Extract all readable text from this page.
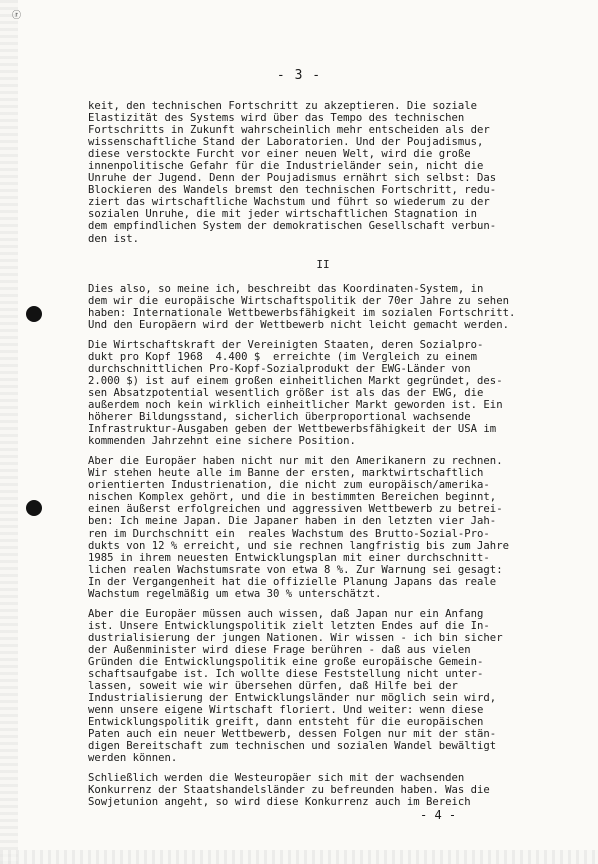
ⓡ
- 3 -
keit, den technischen Fortschritt zu akzeptieren. Die soziale
Elastizität des Systems wird über das Tempo des technischen
Fortschritts in Zukunft wahrscheinlich mehr entscheiden als der
wissenschaftliche Stand der Laboratorien. Und der Poujadismus,
diese verstockte Furcht vor einer neuen Welt, wird die große
innenpolitische Gefahr für die Industrieländer sein, nicht die
Unruhe der Jugend. Denn der Poujadismus ernährt sich selbst: Das
Blockieren des Wandels bremst den technischen Fortschritt, redu-
ziert das wirtschaftliche Wachstum und führt so wiederum zu der
sozialen Unruhe, die mit jeder wirtschaftlichen Stagnation in
dem empfindlichen System der demokratischen Gesellschaft verbun-
den ist.
II
Dies also, so meine ich, beschreibt das Koordinaten-System, in
dem wir die europäische Wirtschaftspolitik der 70er Jahre zu sehen
haben: Internationale Wettbewerbsfähigkeit im sozialen Fortschritt.
Und den Europäern wird der Wettbewerb nicht leicht gemacht werden.
Die Wirtschaftskraft der Vereinigten Staaten, deren Sozialpro-
dukt pro Kopf 1968  4.400 $  erreichte (im Vergleich zu einem
durchschnittlichen Pro-Kopf-Sozialprodukt der EWG-Länder von
2.000 $) ist auf einem großen einheitlichen Markt gegründet, des-
sen Absatzpotential wesentlich größer ist als das der EWG, die
außerdem noch kein wirklich einheitlicher Markt geworden ist. Ein
höherer Bildungsstand, sicherlich überproportional wachsende
Infrastruktur-Ausgaben geben der Wettbewerbsfähigkeit der USA im
kommenden Jahrzehnt eine sichere Position.
Aber die Europäer haben nicht nur mit den Amerikanern zu rechnen.
Wir stehen heute alle im Banne der ersten, marktwirtschaftlich
orientierten Industrienation, die nicht zum europäisch/amerika-
nischen Komplex gehört, und die in bestimmten Bereichen beginnt,
einen äußerst erfolgreichen und aggressiven Wettbewerb zu betrei-
ben: Ich meine Japan. Die Japaner haben in den letzten vier Jah-
ren im Durchschnitt ein  reales Wachstum des Brutto-Sozial-Pro-
dukts von 12 % erreicht, und sie rechnen langfristig bis zum Jahre
1985 in ihrem neuesten Entwicklungsplan mit einer durchschnitt-
lichen realen Wachstumsrate von etwa 8 %. Zur Warnung sei gesagt:
In der Vergangenheit hat die offizielle Planung Japans das reale
Wachstum regelmäßig um etwa 30 % unterschätzt.
Aber die Europäer müssen auch wissen, daß Japan nur ein Anfang
ist. Unsere Entwicklungspolitik zielt letzten Endes auf die In-
dustrialisierung der jungen Nationen. Wir wissen - ich bin sicher
der Außenminister wird diese Frage berühren - daß aus vielen
Gründen die Entwicklungspolitik eine große europäische Gemein-
schaftsaufgabe ist. Ich wollte diese Feststellung nicht unter-
lassen, soweit wie wir übersehen dürfen, daß Hilfe bei der
Industrialisierung der Entwicklungsländer nur möglich sein wird,
wenn unsere eigene Wirtschaft floriert. Und weiter: wenn diese
Entwicklungspolitik greift, dann entsteht für die europäischen
Paten auch ein neuer Wettbewerb, dessen Folgen nur mit der stän-
digen Bereitschaft zum technischen und sozialen Wandel bewältigt
werden können.
Schließlich werden die Westeuropäer sich mit der wachsenden
Konkurrenz der Staatshandelsländer zu befreunden haben. Was die
Sowjetunion angeht, so wird diese Konkurrenz auch im Bereich
- 4 -
